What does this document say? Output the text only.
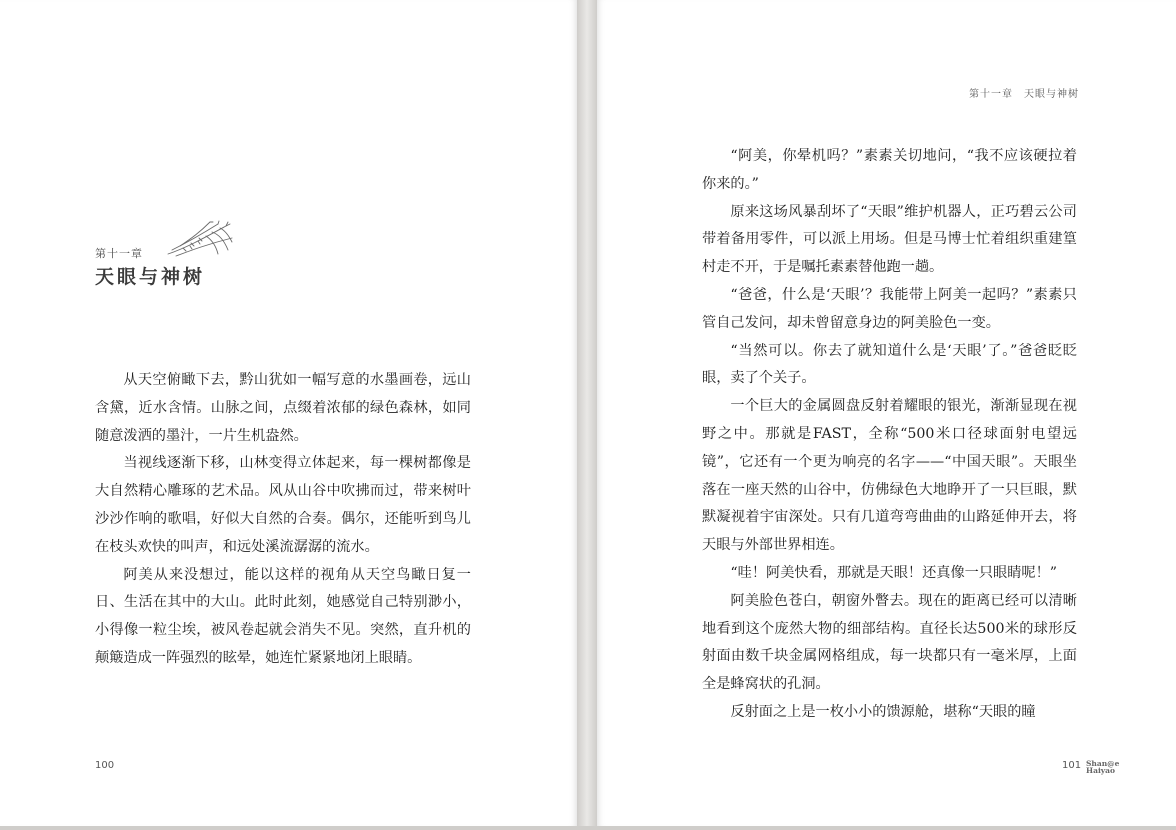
第十一章
天眼与神树

从天空俯瞰下去，黔山犹如一幅写意的水墨画卷，远山含黛，近水含情。山脉之间，点缀着浓郁的绿色森林，如同随意泼洒的墨汁，一片生机盎然。

当视线逐渐下移，山林变得立体起来，每一棵树都像是大自然精心雕琢的艺术品。风从山谷中吹拂而过，带来树叶沙沙作响的歌唱，好似大自然的合奏。偶尔，还能听到鸟儿在枝头欢快的叫声，和远处溪流潺潺的流水。

阿美从来没想过，能以这样的视角从天空鸟瞰日复一日、生活在其中的大山。此时此刻，她感觉自己特别渺小，小得像一粒尘埃，被风卷起就会消失不见。突然，直升机的颠簸造成一阵强烈的眩晕，她连忙紧紧地闭上眼睛。

100
第十一章　天眼与神树

“阿美，你晕机吗？”素素关切地问，“我不应该硬拉着你来的。”

原来这场风暴刮坏了“天眼”维护机器人，正巧碧云公司带着备用零件，可以派上用场。但是马博士忙着组织重建篁村走不开，于是嘱托素素替他跑一趟。

“爸爸，什么是‘天眼’？我能带上阿美一起吗？”素素只管自己发问，却未曾留意身边的阿美脸色一变。

“当然可以。你去了就知道什么是‘天眼’了。”爸爸眨眨眼，卖了个关子。

一个巨大的金属圆盘反射着耀眼的银光，渐渐显现在视野之中。那就是FAST，全称“500米口径球面射电望远镜”，它还有一个更为响亮的名字——“中国天眼”。天眼坐落在一座天然的山谷中，仿佛绿色大地睁开了一只巨眼，默默凝视着宇宙深处。只有几道弯弯曲曲的山路延伸开去，将天眼与外部世界相连。

“哇！阿美快看，那就是天眼！还真像一只眼睛呢！”

阿美脸色苍白，朝窗外瞥去。现在的距离已经可以清晰地看到这个庞然大物的细部结构。直径长达500米的球形反射面由数千块金属网格组成，每一块都只有一毫米厚，上面全是蜂窝状的孔洞。

反射面之上是一枚小小的馈源舱，堪称“天眼的瞳

101 Shan@e
Haiyao
